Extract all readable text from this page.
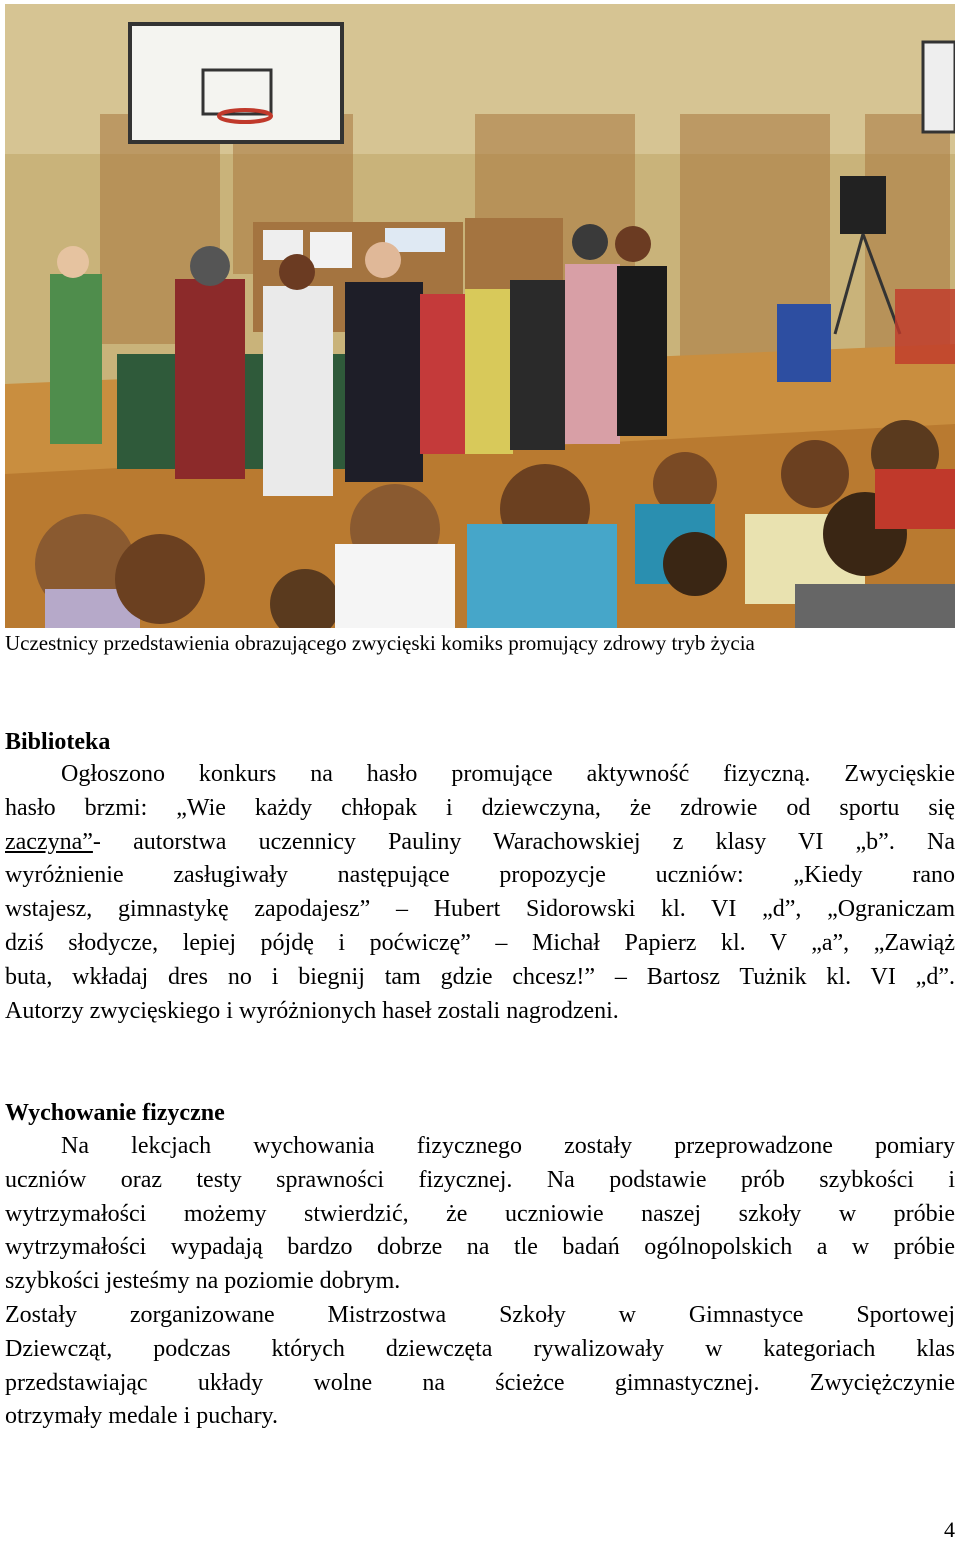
Uczestnicy przedstawienia obrazującego zwycięski komiks promujący zdrowy tryb życia
Biblioteka
Ogłoszono konkurs na hasło promujące aktywność fizyczną. Zwycięskie
hasło brzmi: „Wie każdy chłopak i dziewczyna, że zdrowie od sportu się
zaczyna”- autorstwa uczennicy Pauliny Warachowskiej z klasy VI „b”. Na
wyróżnienie zasługiwały następujące propozycje uczniów: „Kiedy rano
wstajesz, gimnastykę zapodajesz” – Hubert Sidorowski kl. VI „d”, „Ograniczam
dziś słodycze, lepiej pójdę i poćwiczę” – Michał Papierz kl. V „a”, „Zawiąż
buta, wkładaj dres no i biegnij tam gdzie chcesz!” – Bartosz Tużnik kl. VI „d”.
Autorzy zwycięskiego i wyróżnionych haseł zostali nagrodzeni.
Wychowanie fizyczne
Na lekcjach wychowania fizycznego zostały przeprowadzone pomiary
uczniów oraz testy sprawności fizycznej. Na podstawie prób szybkości i
wytrzymałości możemy stwierdzić, że uczniowie naszej szkoły w próbie
wytrzymałości wypadają bardzo dobrze na tle badań ogólnopolskich a w próbie
szybkości jesteśmy na poziomie dobrym.
Zostały zorganizowane Mistrzostwa Szkoły w Gimnastyce Sportowej
Dziewcząt, podczas których dziewczęta rywalizowały w kategoriach klas
przedstawiając układy wolne na ścieżce gimnastycznej. Zwyciężczynie
otrzymały medale i puchary.
4
